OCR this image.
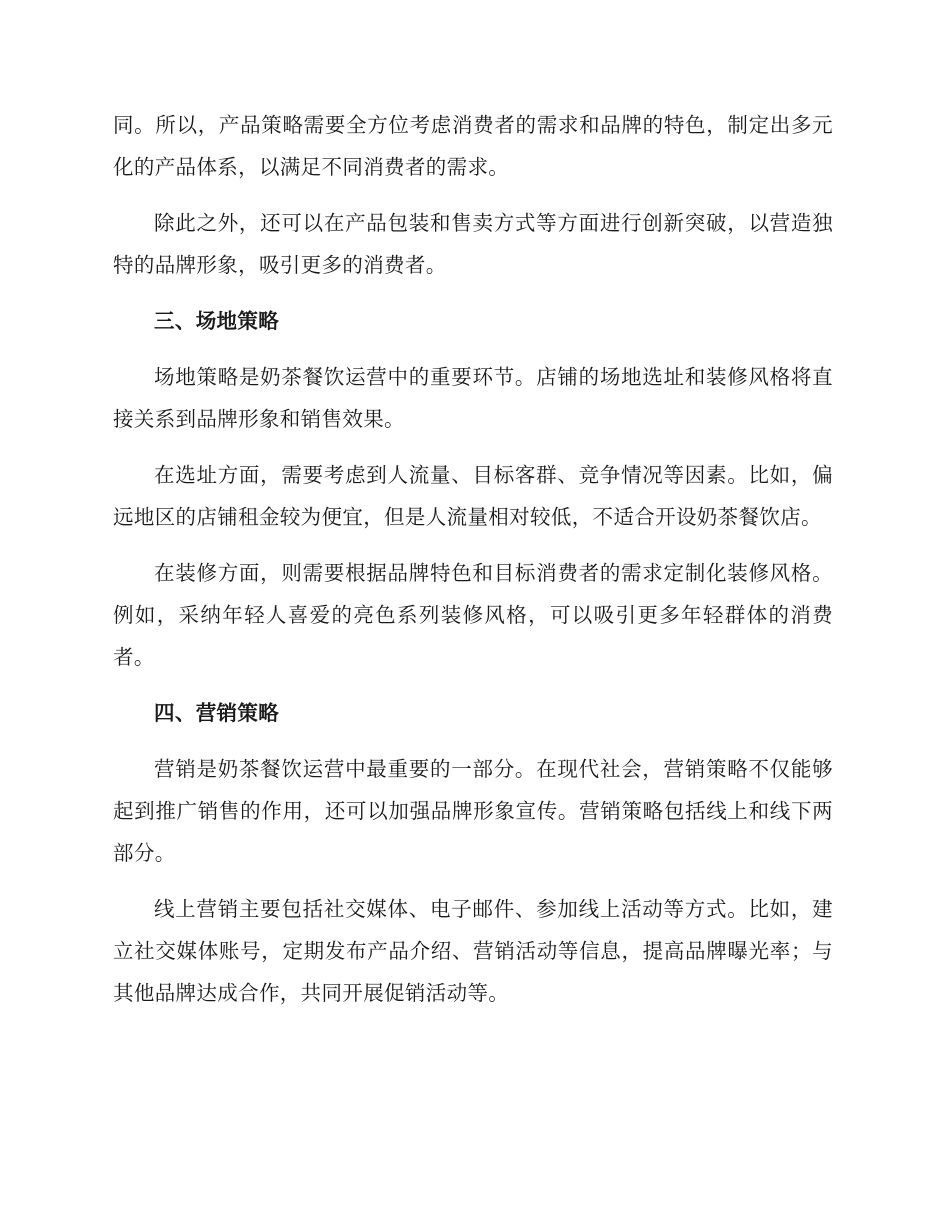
同。所以，产品策略需要全方位考虑消费者的需求和品牌的特色，制定出多元化的产品体系，以满足不同消费者的需求。

除此之外，还可以在产品包装和售卖方式等方面进行创新突破，以营造独特的品牌形象，吸引更多的消费者。

三、场地策略

场地策略是奶茶餐饮运营中的重要环节。店铺的场地选址和装修风格将直接关系到品牌形象和销售效果。

在选址方面，需要考虑到人流量、目标客群、竞争情况等因素。比如，偏远地区的店铺租金较为便宜，但是人流量相对较低，不适合开设奶茶餐饮店。

在装修方面，则需要根据品牌特色和目标消费者的需求定制化装修风格。例如，采纳年轻人喜爱的亮色系列装修风格，可以吸引更多年轻群体的消费者。

四、营销策略

营销是奶茶餐饮运营中最重要的一部分。在现代社会，营销策略不仅能够起到推广销售的作用，还可以加强品牌形象宣传。营销策略包括线上和线下两部分。

线上营销主要包括社交媒体、电子邮件、参加线上活动等方式。比如，建立社交媒体账号，定期发布产品介绍、营销活动等信息，提高品牌曝光率；与其他品牌达成合作，共同开展促销活动等。
